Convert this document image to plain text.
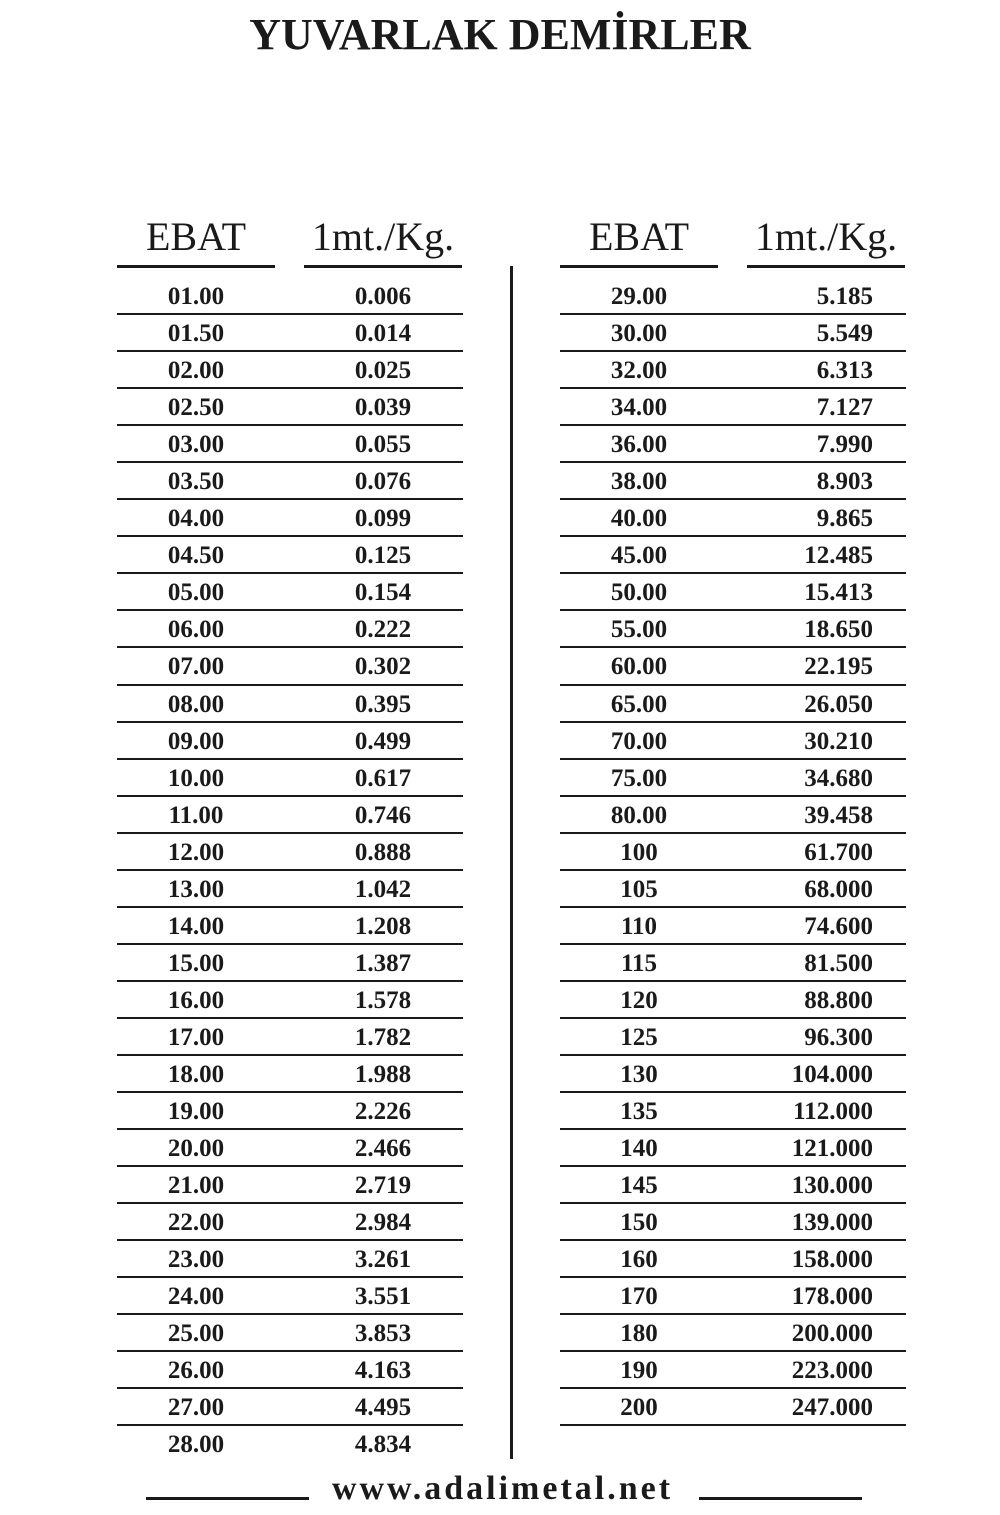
YUVARLAK DEMİRLER
EBAT	1mt./Kg.
01.00	0.006
01.50	0.014
02.00	0.025
02.50	0.039
03.00	0.055
03.50	0.076
04.00	0.099
04.50	0.125
05.00	0.154
06.00	0.222
07.00	0.302
08.00	0.395
09.00	0.499
10.00	0.617
11.00	0.746
12.00	0.888
13.00	1.042
14.00	1.208
15.00	1.387
16.00	1.578
17.00	1.782
18.00	1.988
19.00	2.226
20.00	2.466
21.00	2.719
22.00	2.984
23.00	3.261
24.00	3.551
25.00	3.853
26.00	4.163
27.00	4.495
28.00	4.834
EBAT	1mt./Kg.
29.00	5.185
30.00	5.549
32.00	6.313
34.00	7.127
36.00	7.990
38.00	8.903
40.00	9.865
45.00	12.485
50.00	15.413
55.00	18.650
60.00	22.195
65.00	26.050
70.00	30.210
75.00	34.680
80.00	39.458
100	61.700
105	68.000
110	74.600
115	81.500
120	88.800
125	96.300
130	104.000
135	112.000
140	121.000
145	130.000
150	139.000
160	158.000
170	178.000
180	200.000
190	223.000
200	247.000
www.adalimetal.net
